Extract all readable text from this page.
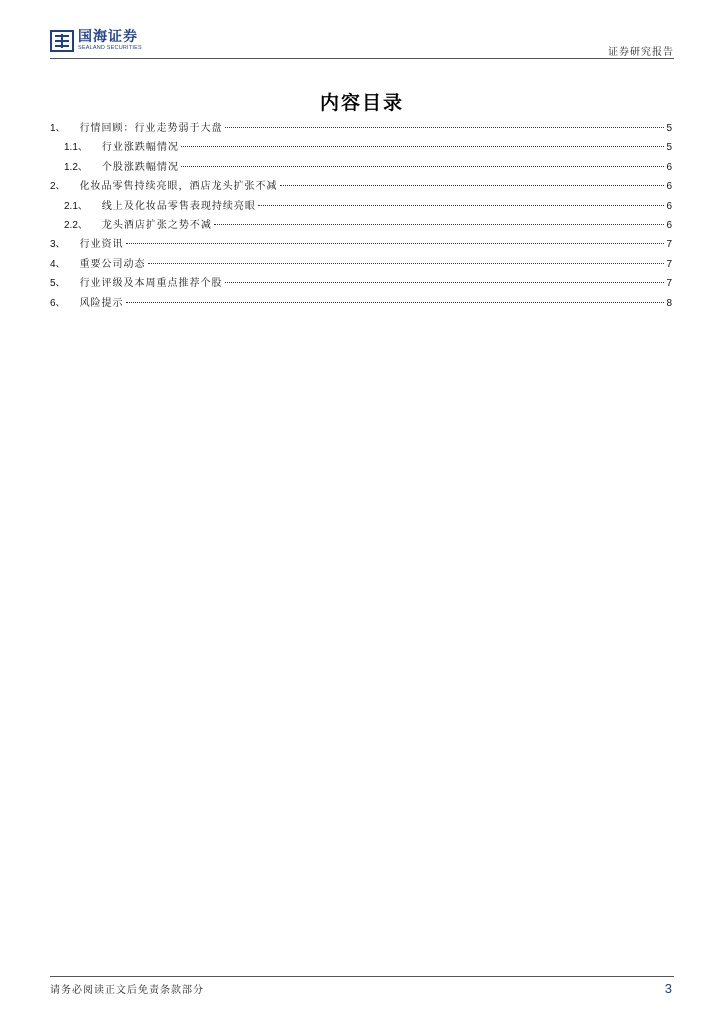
国海证券
SEALAND SECURITIES	证券研究报告
内容目录
1、 行情回顾：行业走势弱于大盘	5
1.1、 行业涨跌幅情况	5
1.2、 个股涨跌幅情况	6
2、 化妆品零售持续亮眼，酒店龙头扩张不减	6
2.1、 线上及化妆品零售表现持续亮眼	6
2.2、 龙头酒店扩张之势不减	6
3、 行业资讯	7
4、 重要公司动态	7
5、 行业评级及本周重点推荐个股	7
6、 风险提示	8
请务必阅读正文后免责条款部分	3
